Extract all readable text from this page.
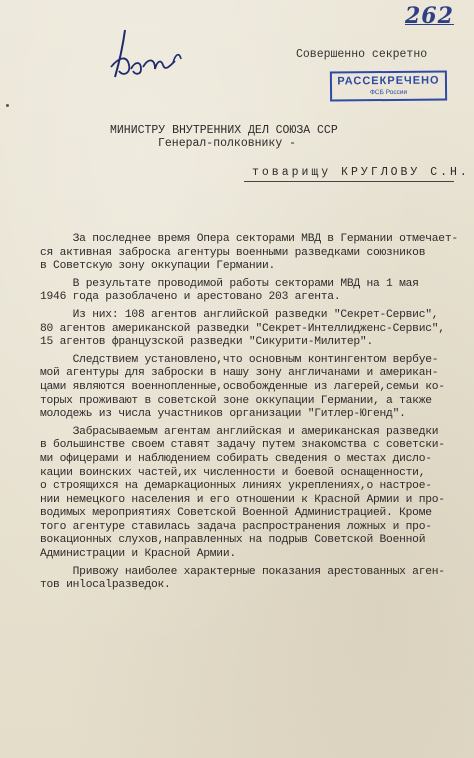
262
Совершенно секретно
РАССЕКРЕЧЕНО
ФСБ России
МИНИСТРУ ВНУТРЕННИХ ДЕЛ СОЮЗА ССР
Генерал-полковнику -
товарищу КРУГЛОВУ С.Н.
За последнее время Опера секторами МВД в Германии отмечает-
ся активная заброска агентуры военными разведками союзников
в Советскую зону оккупации Германии.
В результате проводимой работы секторами МВД на 1 мая
1946 года разоблачено и арестовано 203 агента.
Из них: 108 агентов английской разведки "Секрет-Сервис",
80 агентов американской разведки "Секрет-Интеллидженс-Сервис",
15 агентов французской разведки "Сикурити-Милитер".
Следствием установлено,что основным контингентом вербуе-
мой агентуры для заброски в нашу зону англичанами и американ-
цами являются военнопленные,освобожденные из лагерей,семьи ко-
торых проживают в советской зоне оккупации Германии, а также
молодежь из числа участников организации "Гитлер-Югенд".
Забрасываемым агентам английская и американская разведки
в большинстве своем ставят задачу путем знакомства с советски-
ми офицерами и наблюдением собирать сведения о местах дисло-
кации воинских частей,их численности и боевой оснащенности,
о строящихся на демаркационных линиях укреплениях,о настрое-
нии немецкого населения и его отношении к Красной Армии и про-
водимых мероприятиях Советской Военной Администрацией. Кроме
того агентуре ставилась задача распространения ложных и про-
вокационных слухов,направленных на подрыв Советской Военной
Администрации и Красной Армии.
Привожу наиболее характерные показания арестованных аген-
тов инlocalразведок.
